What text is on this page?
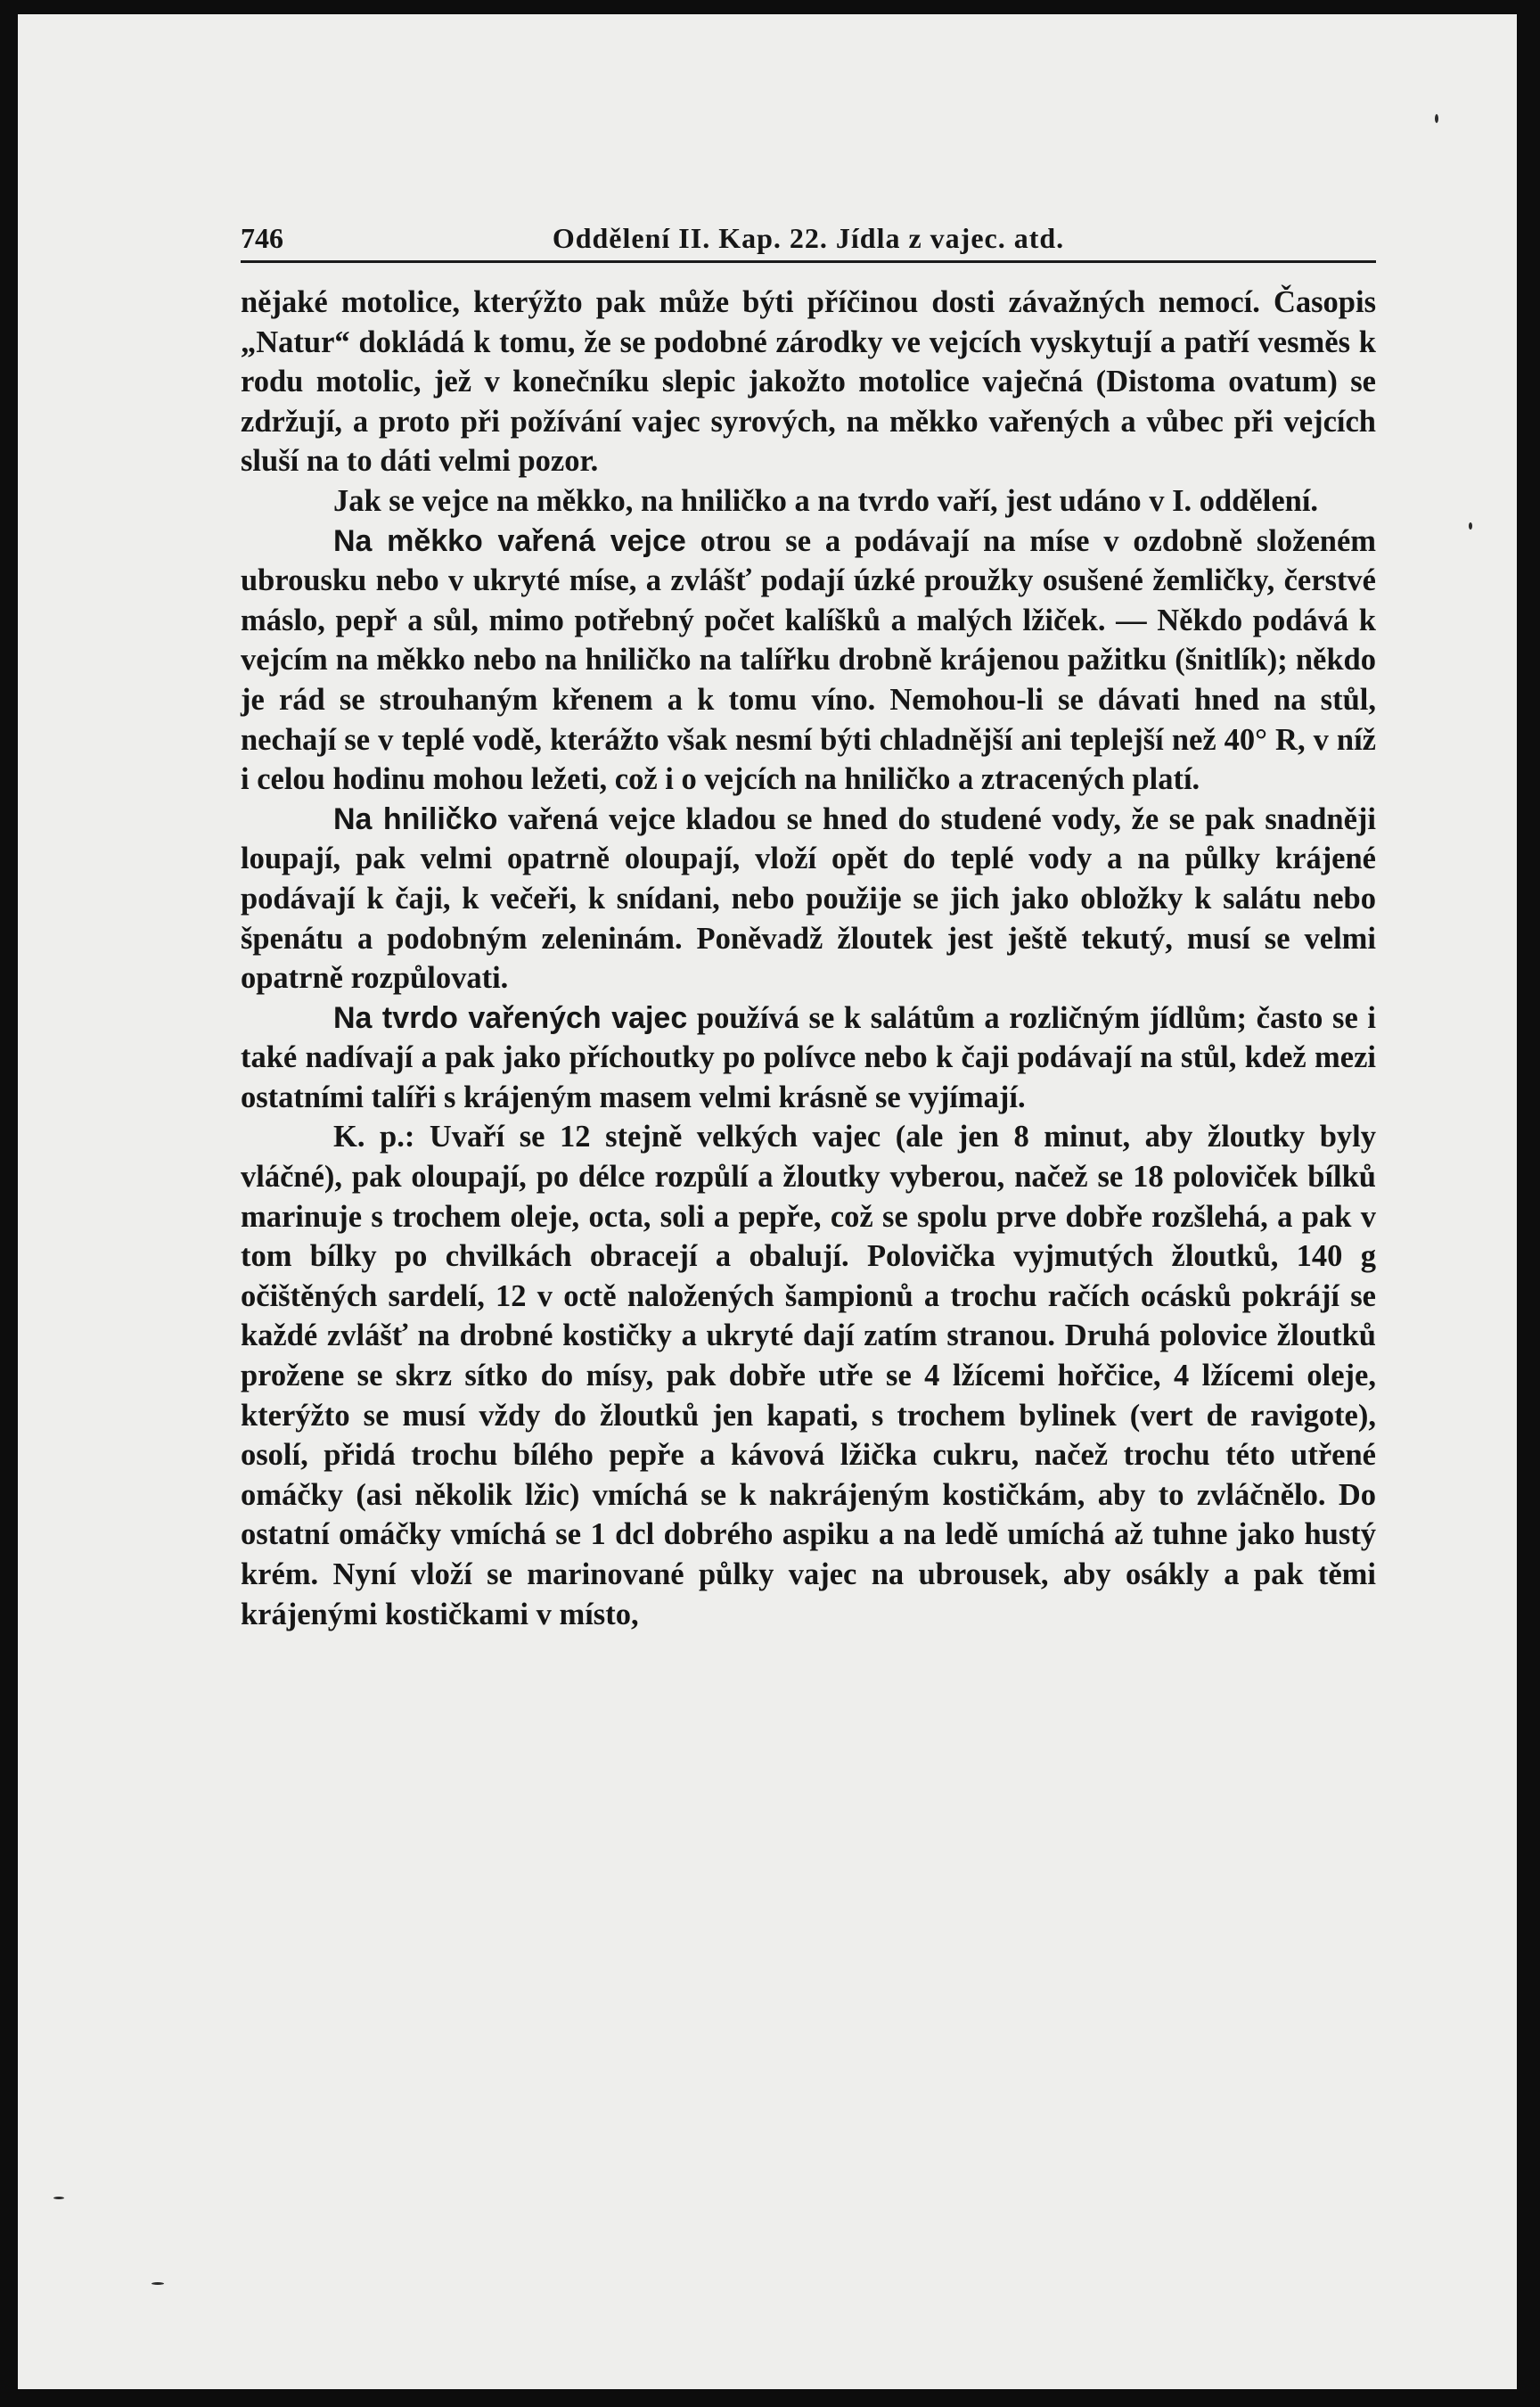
746	Oddělení II. Kap. 22. Jídla z vajec. atd.

nějaké motolice, kterýžto pak může býti příčinou dosti závažných nemocí. Časopis „Natur“ dokládá k tomu, že se podobné zárodky ve vejcích vyskytují a patří vesměs k rodu motolic, jež v konečníku slepic jakožto motolice vaječná (Distoma ovatum) se zdržují, a proto při požívání vajec syrových, na měkko vařených a vůbec při vejcích sluší na to dáti velmi pozor.

Jak se vejce na měkko, na hniličko a na tvrdo vaří, jest udáno v I. oddělení.

Na měkko vařená vejce otrou se a podávají na míse v ozdobně složeném ubrousku nebo v ukryté míse, a zvlášť podají úzké proužky osušené žemličky, čerstvé máslo, pepř a sůl, mimo potřebný počet kalíšků a malých lžiček. — Někdo podává k vejcím na měkko nebo na hniličko na talířku drobně krájenou pažitku (šnitlík); někdo je rád se strouhaným křenem a k tomu víno. Nemohou-li se dávati hned na stůl, nechají se v teplé vodě, kterážto však nesmí býti chladnější ani teplejší než 40° R, v níž i celou hodinu mohou ležeti, což i o vejcích na hniličko a ztracených platí.

Na hniličko vařená vejce kladou se hned do studené vody, že se pak snadněji loupají, pak velmi opatrně oloupají, vloží opět do teplé vody a na půlky krájené podávají k čaji, k večeři, k snídani, nebo použije se jich jako obložky k salátu nebo špenátu a podobným zeleninám. Poněvadž žloutek jest ještě tekutý, musí se velmi opatrně rozpůlovati.

Na tvrdo vařených vajec používá se k salátům a rozličným jídlům; často se i také nadívají a pak jako příchoutky po polívce nebo k čaji podávají na stůl, kdež mezi ostatními talíři s krájeným masem velmi krásně se vyjímají.

K. p.: Uvaří se 12 stejně velkých vajec (ale jen 8 minut, aby žloutky byly vláčné), pak oloupají, po délce rozpůlí a žloutky vyberou, načež se 18 poloviček bílků marinuje s trochem oleje, octa, soli a pepře, což se spolu prve dobře rozšlehá, a pak v tom bílky po chvilkách obracejí a obalují. Polovička vyjmutých žloutků, 140 g očištěných sardelí, 12 v octě naložených šampionů a trochu račích ocásků pokrájí se každé zvlášť na drobné kostičky a ukryté dají zatím stranou. Druhá polovice žloutků prožene se skrz sítko do mísy, pak dobře utře se 4 lžícemi hořčice, 4 lžícemi oleje, kterýžto se musí vždy do žloutků jen kapati, s trochem bylinek (vert de ravigote), osolí, přidá trochu bílého pepře a kávová lžička cukru, načež trochu této utřené omáčky (asi několik lžic) vmíchá se k nakrájeným kostičkám, aby to zvláčnělo. Do ostatní omáčky vmíchá se 1 dcl dobrého aspiku a na ledě umíchá až tuhne jako hustý krém. Nyní vloží se marinované půlky vajec na ubrousek, aby osákly a pak těmi krájenými kostičkami v místo,
